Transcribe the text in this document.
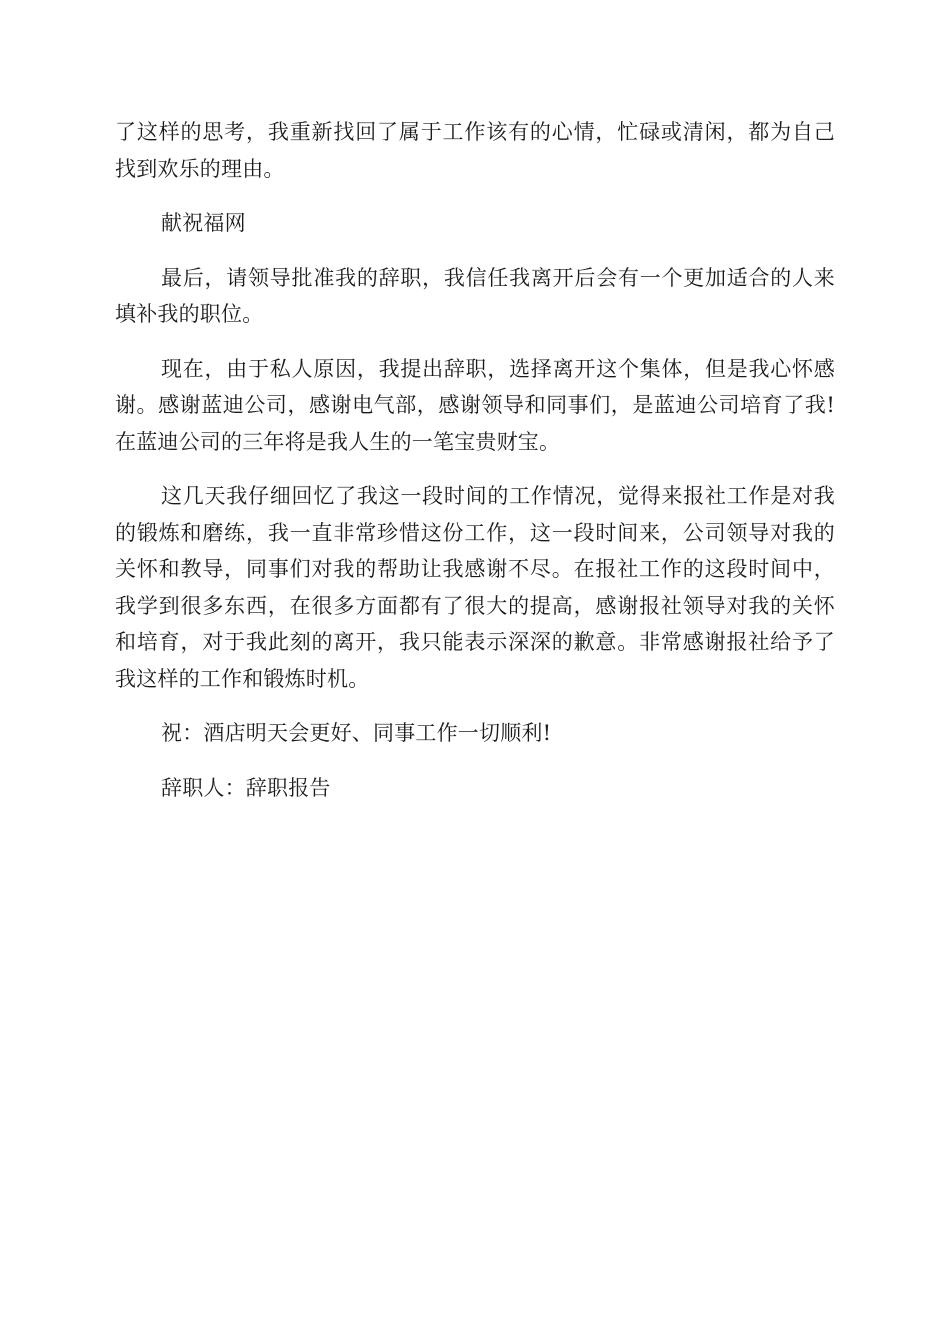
了这样的思考，我重新找回了属于工作该有的心情，忙碌或清闲，都为自己找到欢乐的理由。

献祝福网

最后，请领导批准我的辞职，我信任我离开后会有一个更加适合的人来填补我的职位。

现在，由于私人原因，我提出辞职，选择离开这个集体，但是我心怀感谢。感谢蓝迪公司，感谢电气部，感谢领导和同事们，是蓝迪公司培育了我!在蓝迪公司的三年将是我人生的一笔宝贵财宝。

这几天我仔细回忆了我这一段时间的工作情况，觉得来报社工作是对我的锻炼和磨练，我一直非常珍惜这份工作，这一段时间来，公司领导对我的关怀和教导，同事们对我的帮助让我感谢不尽。在报社工作的这段时间中，我学到很多东西，在很多方面都有了很大的提高，感谢报社领导对我的关怀和培育，对于我此刻的离开，我只能表示深深的歉意。非常感谢报社给予了我这样的工作和锻炼时机。

祝：酒店明天会更好、同事工作一切顺利!

辞职人：辞职报告
